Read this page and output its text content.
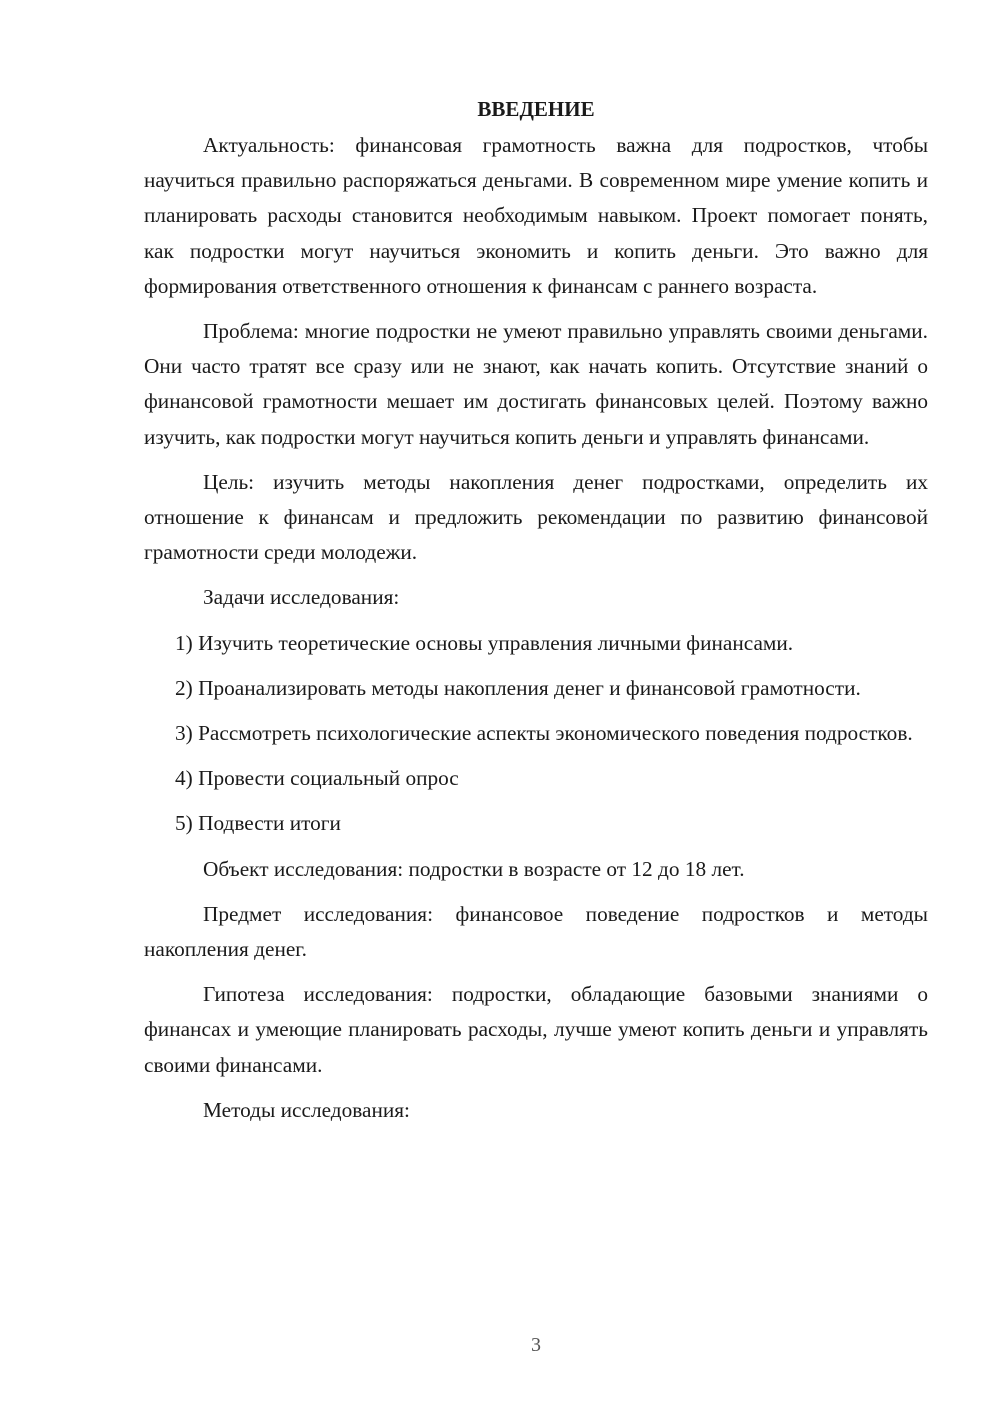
ВВЕДЕНИЕ

Актуальность: финансовая грамотность важна для подростков, чтобы научиться правильно распоряжаться деньгами. В современном мире умение копить и планировать расходы становится необходимым навыком. Проект помогает понять, как подростки могут научиться экономить и копить деньги. Это важно для формирования ответственного отношения к финансам с раннего возраста.

Проблема: многие подростки не умеют правильно управлять своими деньгами. Они часто тратят все сразу или не знают, как начать копить. Отсутствие знаний о финансовой грамотности мешает им достигать финансовых целей. Поэтому важно изучить, как подростки могут научиться копить деньги и управлять финансами.

Цель: изучить методы накопления денег подростками, определить их отношение к финансам и предложить рекомендации по развитию финансовой грамотности среди молодежи.

Задачи исследования:

1) Изучить теоретические основы управления личными финансами.

2) Проанализировать методы накопления денег и финансовой грамотности.

3) Рассмотреть психологические аспекты экономического поведения подростков.

4) Провести социальный опрос

5) Подвести итоги

Объект исследования: подростки в возрасте от 12 до 18 лет.

Предмет исследования: финансовое поведение подростков и методы накопления денег.

Гипотеза исследования: подростки, обладающие базовыми знаниями о финансах и умеющие планировать расходы, лучше умеют копить деньги и управлять своими финансами.

Методы исследования:

3
